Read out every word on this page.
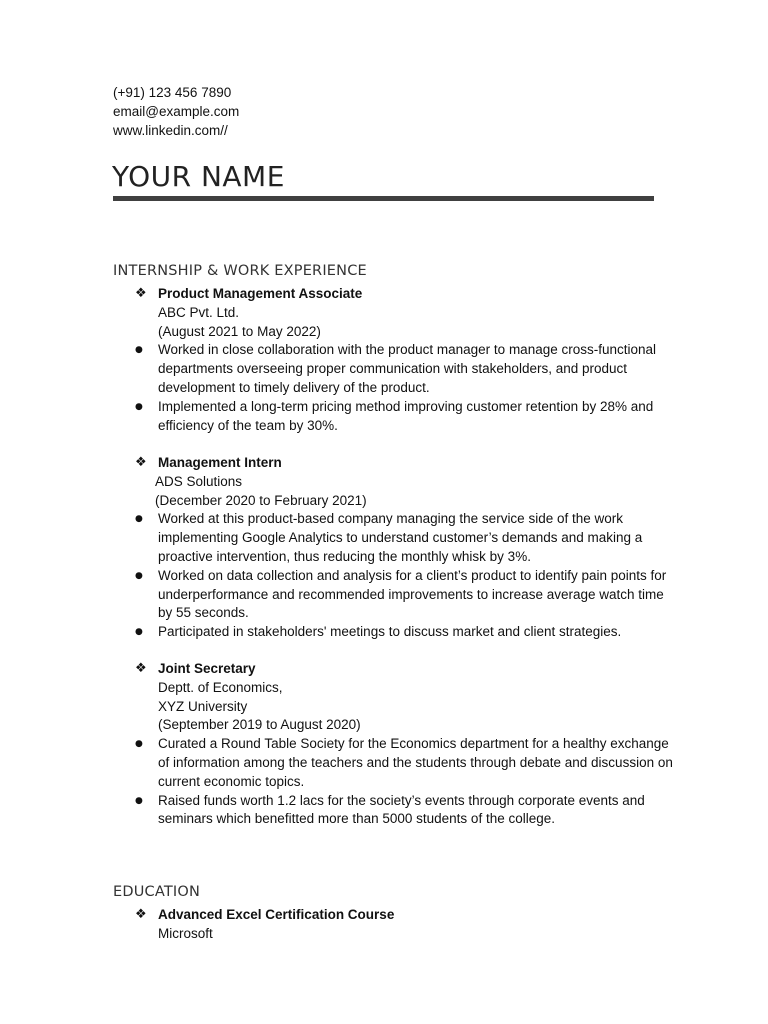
(+91) 123 456 7890
email@example.com
www.linkedin.com//
YOUR NAME
INTERNSHIP & WORK EXPERIENCE
❖ Product Management Associate
ABC Pvt. Ltd.
(August 2021 to May 2022)
● Worked in close collaboration with the product manager to manage cross-functional departments overseeing proper communication with stakeholders, and product development to timely delivery of the product.
● Implemented a long-term pricing method improving customer retention by 28% and efficiency of the team by 30%.
❖ Management Intern
ADS Solutions
(December 2020 to February 2021)
● Worked at this product-based company managing the service side of the work implementing Google Analytics to understand customer’s demands and making a proactive intervention, thus reducing the monthly whisk by 3%.
● Worked on data collection and analysis for a client’s product to identify pain points for underperformance and recommended improvements to increase average watch time by 55 seconds.
● Participated in stakeholders' meetings to discuss market and client strategies.
❖ Joint Secretary
Deptt. of Economics,
XYZ University
(September 2019 to August 2020)
● Curated a Round Table Society for the Economics department for a healthy exchange of information among the teachers and the students through debate and discussion on current economic topics.
● Raised funds worth 1.2 lacs for the society’s events through corporate events and seminars which benefitted more than 5000 students of the college.
EDUCATION
❖ Advanced Excel Certification Course
Microsoft
